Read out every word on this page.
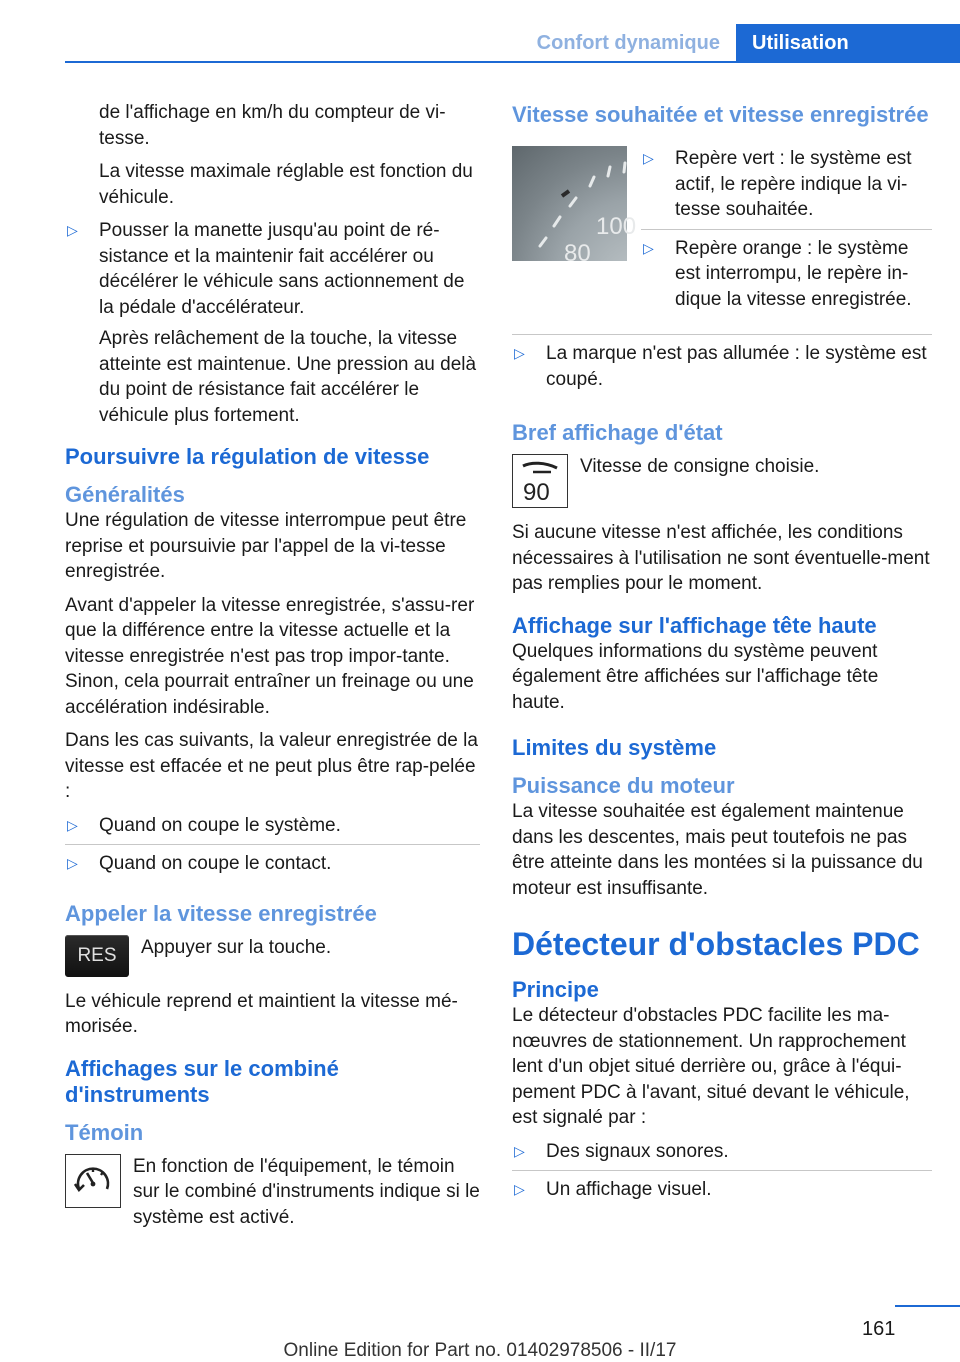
Confort dynamique	Utilisation

de l'affichage en km/h du compteur de vi-tesse.

La vitesse maximale réglable est fonction du véhicule.

▷ Pousser la manette jusqu'au point de ré-sistance et la maintenir fait accélérer ou décélérer le véhicule sans actionnement de la pédale d'accélérateur.

Après relâchement de la touche, la vitesse atteinte est maintenue. Une pression au delà du point de résistance fait accélérer le véhicule plus fortement.

Poursuivre la régulation de vitesse
Généralités

Une régulation de vitesse interrompue peut être reprise et poursuivie par l'appel de la vi-tesse enregistrée.

Avant d'appeler la vitesse enregistrée, s'assu-rer que la différence entre la vitesse actuelle et la vitesse enregistrée n'est pas trop impor-tante. Sinon, cela pourrait entraîner un freinage ou une accélération indésirable.

Dans les cas suivants, la valeur enregistrée de la vitesse est effacée et ne peut plus être rap-pelée :

▷ Quand on coupe le système.
▷ Quand on coupe le contact.
Appeler la vitesse enregistrée
RES	Appuyer sur la touche.

Le véhicule reprend et maintient la vitesse mé-morisée.

Affichages sur le combiné d'instruments
Témoin

En fonction de l'équipement, le témoin sur le combiné d'instruments indique si le système est activé.

Vitesse souhaitée et vitesse enregistrée
100
80
▷ Repère vert : le système est actif, le repère indique la vi-tesse souhaitée.
▷ Repère orange : le système est interrompu, le repère in-dique la vitesse enregistrée.
▷ La marque n'est pas allumée : le système est coupé.
Bref affichage d'état
90

Vitesse de consigne choisie.

Si aucune vitesse n'est affichée, les conditions nécessaires à l'utilisation ne sont éventuelle-ment pas remplies pour le moment.

Affichage sur l'affichage tête haute

Quelques informations du système peuvent également être affichées sur l'affichage tête haute.

Limites du système
Puissance du moteur

La vitesse souhaitée est également maintenue dans les descentes, mais peut toutefois ne pas être atteinte dans les montées si la puissance du moteur est insuffisante.

Détecteur d'obstacles PDC
Principe

Le détecteur d'obstacles PDC facilite les ma-nœuvres de stationnement. Un rapprochement lent d'un objet situé derrière ou, grâce à l'équi-pement PDC à l'avant, situé devant le véhicule, est signalé par :

▷ Des signaux sonores.
▷ Un affichage visuel.
161
Online Edition for Part no. 01402978506 - II/17
